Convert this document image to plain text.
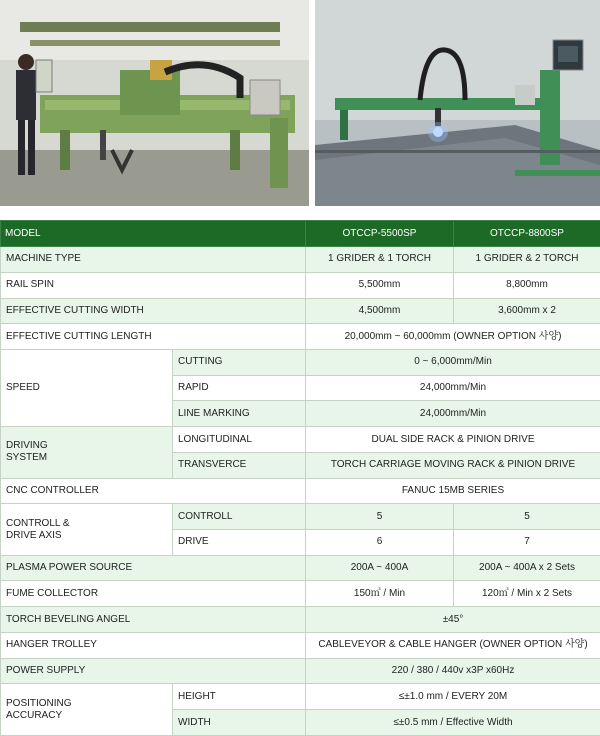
MODEL		OTCCP-5500SP	OTCCP-8800SP
MACHINE TYPE		1 GRIDER & 1 TORCH	1 GRIDER & 2 TORCH
RAIL SPIN		5,500mm	8,800mm
EFFECTIVE CUTTING WIDTH		4,500mm	3,600mm x 2
EFFECTIVE CUTTING LENGTH		20,000mm ~ 60,000mm (OWNER OPTION 사양)	
SPEED	CUTTING	0 ~ 6,000mm/Min	
	RAPID	24,000mm/Min	
	LINE MARKING	24,000mm/Min	

DRIVING
SYSTEM	LONGITUDINAL	DUAL SIDE RACK & PINION DRIVE	
	TRANSVERCE	TORCH CARRIAGE MOVING RACK & PINION DRIVE	
CNC CONTROLLER		FANUC 15MB SERIES	

CONTROLL &
DRIVE AXIS	CONTROLL	5	5
	DRIVE	6	7
PLASMA POWER SOURCE		200A ~ 400A	200A ~ 400A x 2 Sets
FUME COLLECTOR		150㎥ / Min	120㎥ / Min x 2 Sets
TORCH BEVELING ANGEL		±45°	
HANGER TROLLEY		CABLEVEYOR & CABLE HANGER (OWNER OPTION 사양)	
POWER SUPPLY		220 / 380 / 440v x3P x60Hz	

POSITIONING
ACCURACY	HEIGHT	≤±1.0 mm / EVERY 20M	
	WIDTH	≤±0.5 mm / Effective Width	
